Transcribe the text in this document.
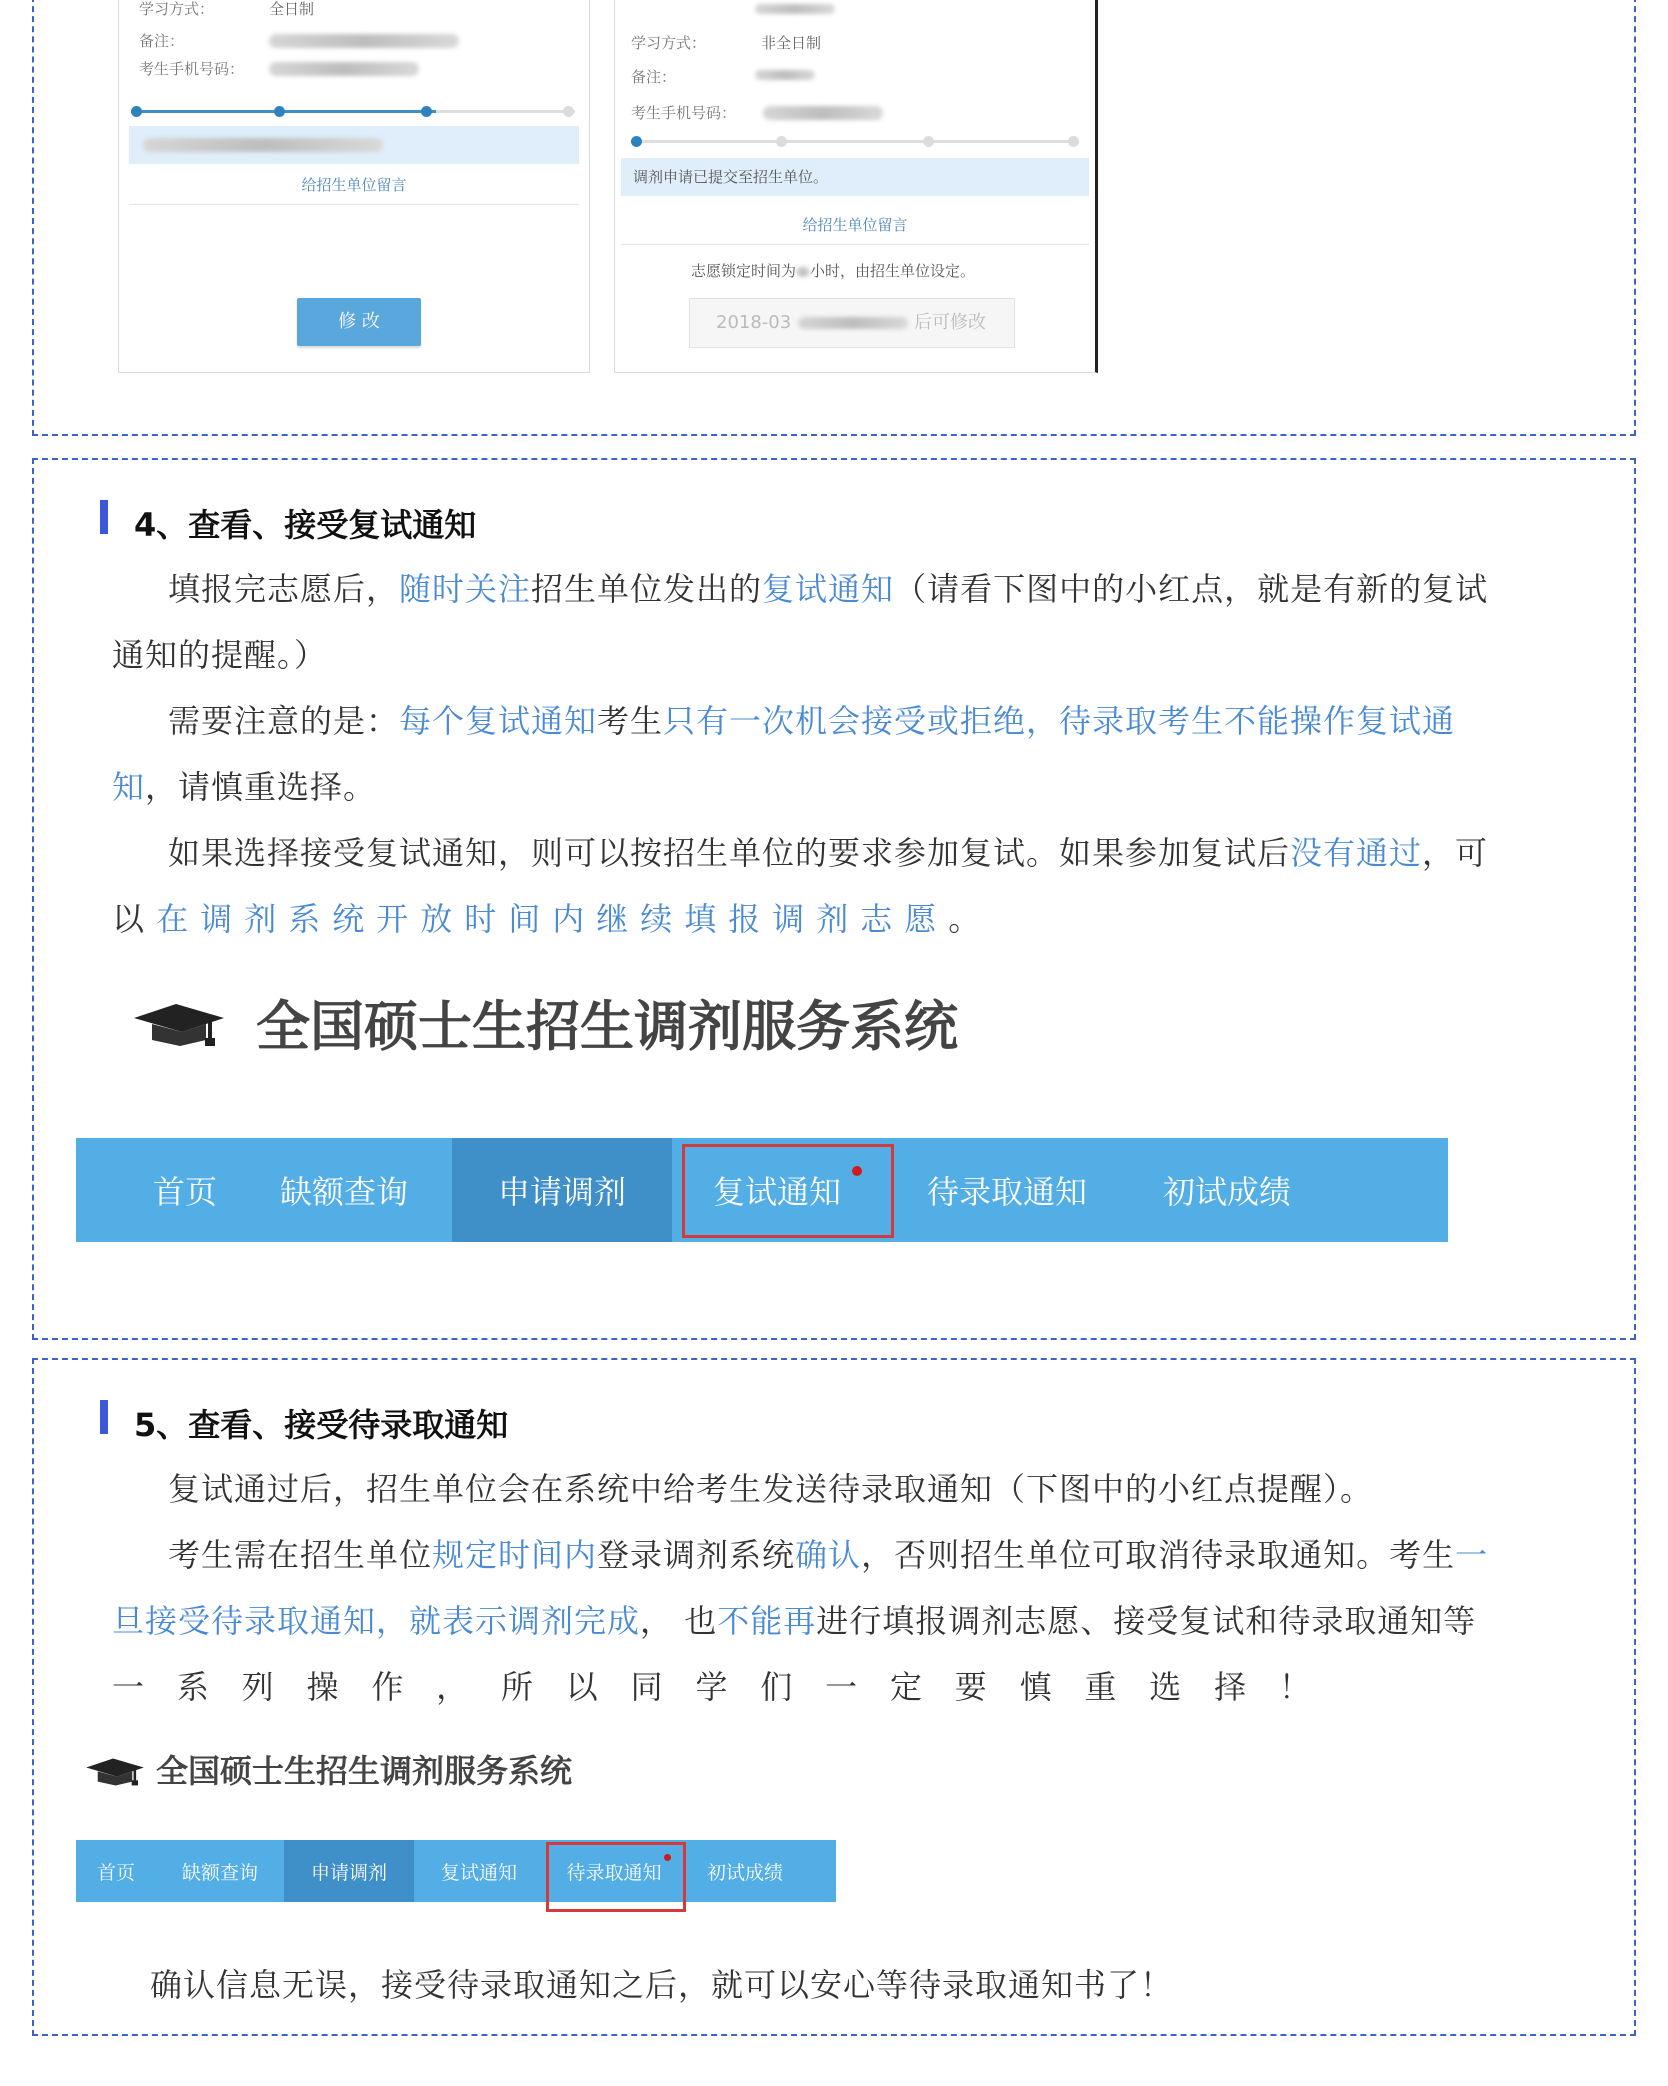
学习方式：	全日制
备注：
考生手机号码：
给招生单位留言
修 改
学习方式：	非全日制
备注：
考生手机号码：
调剂申请已提交至招生单位。
给招生单位留言
志愿锁定时间为 小时，由招生单位设定。
2018-03	后可修改
4、查看、接受复试通知
填报完志愿后，随时关注招生单位发出的复试通知（请看下图中的小红点，就是有新的复试
通知的提醒。）
需要注意的是：每个复试通知考生只有一次机会接受或拒绝，待录取考生不能操作复试通
知，请慎重选择。
如果选择接受复试通知，则可以按招生单位的要求参加复试。如果参加复试后没有通过，可
以 在调剂系统开放时间内继续填报调剂志愿。
全国硕士生招生调剂服务系统
首页 缺额查询	申请调剂	复试通知	待录取通知 初试成绩
5、查看、接受待录取通知
复试通过后，招生单位会在系统中给考生发送待录取通知（下图中的小红点提醒）。
考生需在招生单位规定时间内登录调剂系统确认，否则招生单位可取消待录取通知。考生一
旦接受待录取通知，就表示调剂完成， 也不能再进行填报调剂志愿、接受复试和待录取通知等
一 系 列 操 作 ， 所 以 同 学 们 一 定 要 慎 重 选 择 ！
全国硕士生招生调剂服务系统
首页 缺额查询	申请调剂	复试通知	待录取通知 初试成绩
确认信息无误，接受待录取通知之后，就可以安心等待录取通知书了！
